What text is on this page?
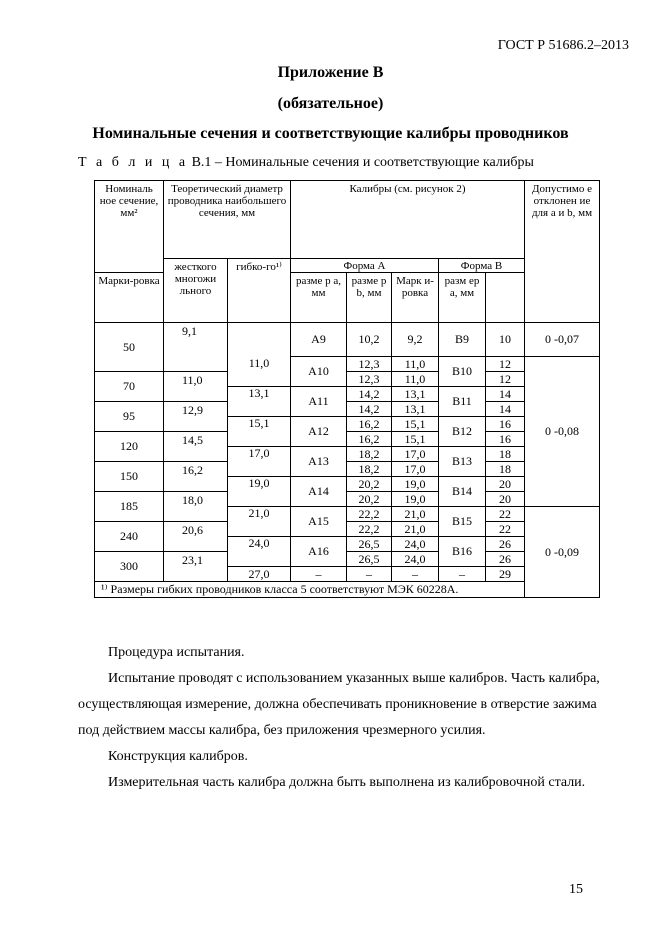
ГОСТ Р 51686.2–2013
Приложение В
(обязательное)
Номинальные сечения и соответствующие калибры проводников
Т а б л и ц а В.1 – Номинальные сечения и соответствующие калибры
Номиналь ное сечение, мм²	Теоретический диаметр проводника наибольшего сечения, мм		Калибры (см. рисунок 2)					Допустимо е отклонен ие для a и b, мм
	жесткого многожи льного	гибко-го¹⁾	Форма А			Форма В		
Марки-ровка			разме р a, мм	разме р b, мм	Марк и-ровка	разм ер a, мм		
50	9,1		A9	10,2	9,2	B9	10	0 -0,07

		11,0	A10	12,3	11,0	B10	12	0 -0,08
70	11,0			12,3	11,0		12	
		13,1	A11	14,2	13,1	B11	14	
95	12,9			14,2	13,1		14	
		15,1	A12	16,2	15,1	B12	16	
120	14,5			16,2	15,1		16	
		17,0	A13	18,2	17,0	B13	18	
150	16,2			18,2	17,0		18	
		19,0	A14	20,2	19,0	B14	20	
185	18,0			20,2	19,0		20	
		21,0	A15	22,2	21,0	B15	22	0 -0,09
240	20,6			22,2	21,0		22	
		24,0	A16	26,5	24,0	B16	26	
300	23,1			26,5	24,0		26	
		27,0	–	–	–	–	29	
¹⁾ Размеры гибких проводников класса 5 соответствуют МЭК 60228А.								

Процедура испытания.

Испытание проводят с использованием указанных выше калибров. Часть калибра, осуществляющая измерение, должна обеспечивать проникновение в отверстие зажима под действием массы калибра, без приложения чрезмерного усилия.

Конструкция калибров.

Измерительная часть калибра должна быть выполнена из калибровочной стали.

15
